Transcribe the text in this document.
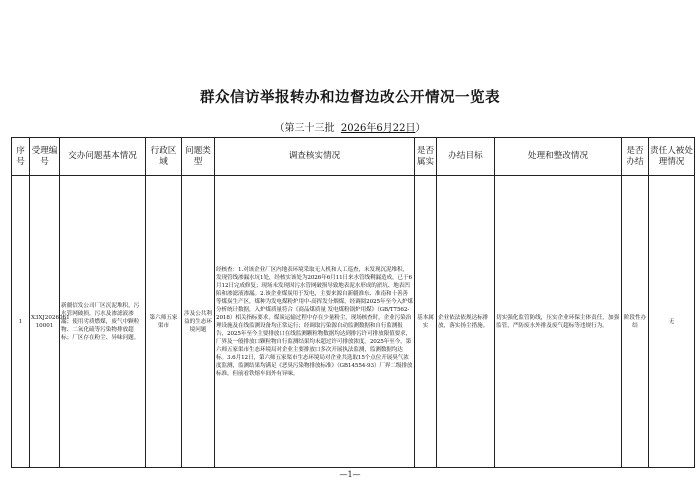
群众信访举报转办和边督边改公开情况一览表
（第三十三批 2026年6月22日）
序号	受理编号	交办问题基本情况	行政区域	问题类型	调查核实情况	是否属实	办结目标	处理和整改情况	是否办结	责任人被处理情况
1	X3XJ2026061 10001	新疆信发公司厂区沉泥堆积，污水管网破损，污水及渗滤液渗漏；使用劣质燃煤，废气中颗粒物、二氧化硫等污染物排放超标；厂区存在粉尘、异味问题。	第六师五家渠市	涉及公共利益的生态环境问题	经核查：1.对该企业厂区内地表环境采取无人机和人工巡查，未发现沉泥堆积，发现管线渗漏水坑1处，经核实该处为2026年6月11日来水管线剩漏造成，已于6月12日完成修复；现场未发现因污水管网破损导致地表泥水形成的淤坑、地表凹陷和渗滤液渗漏。2.该企业煤炭用于发电，主要来源自新疆准东、准南和十善善等煤炭生产区，煤种为发电煤粉炉用中-高挥发分烟煤，经调阅2025年至今入炉煤分析统计数据，入炉煤质量符合《商品煤质量 发电煤粉锅炉用煤》（GB/T7562-2018）相关指标要求，煤炭运输过程中存在少量粉尘，现场核查时，企业污染治理设施及在线监测设备均正常运行；经调取污染源自动监测数据和自行监测报告，2025年至今主要排放口在线监测颗粒物数据均达到排污许可排放限值要求，厂界及一般排放口颗粒物自行监测结果均未超过许可排放浓度。2025年至今，第六师五家渠市生态环境局对企业主要排放口多次开展执法监测，监测数据均达标。3.6月12日，第六师五家渠市生态环境局对企业共选取15个点位开展臭气浓度监测，监测结果均满足《恶臭污染物排放标准》（GB14554-93）厂界二级排放标准，但前看铁熔车间外有异味。	基本属实	企业依法依规达标排放，落实扬尘措施。	切实强化监管防线，压实企业环保主体责任，加强监管，严防废水外排及废气超标等违规行为。	阶段性办结	无
—1—
